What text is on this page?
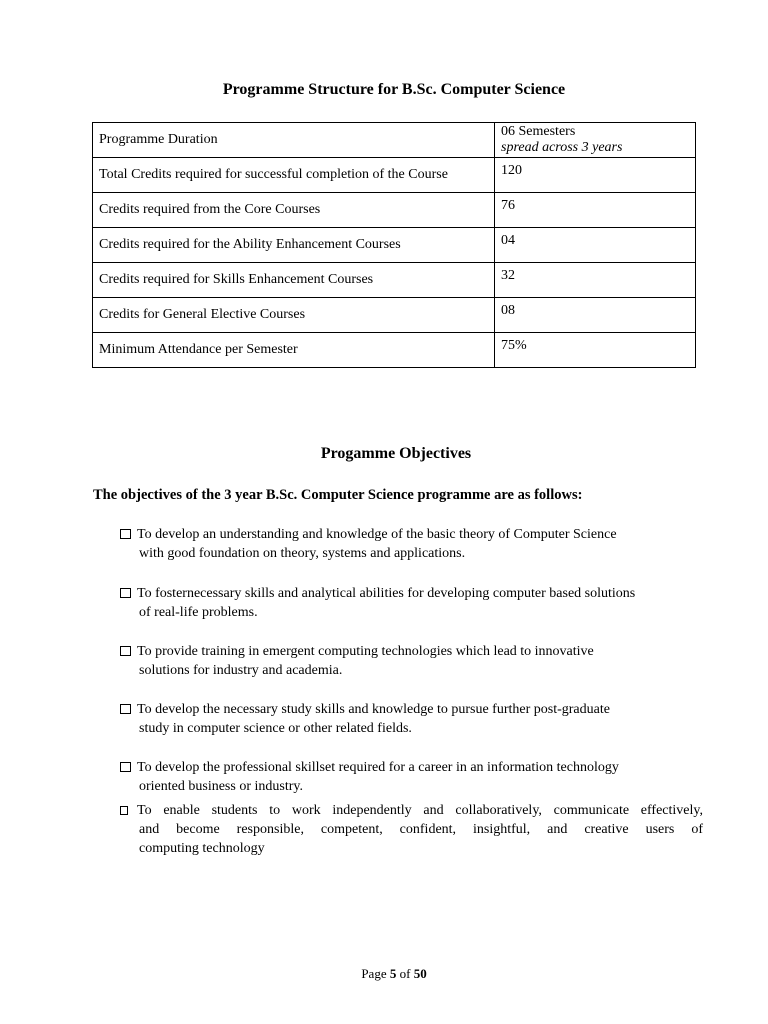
Programme Structure for B.Sc. Computer Science
Programme Duration	06 Semesters
spread across 3 years

Total Credits required for successful completion of the Course	120
Credits required from the Core Courses	76
Credits required for the Ability Enhancement Courses	04
Credits required for Skills Enhancement Courses	32
Credits for General Elective Courses	08
Minimum Attendance per Semester	75%
Progamme Objectives
The objectives of the 3 year B.Sc. Computer Science programme are as follows:
To develop an understanding and knowledge of the basic theory of Computer Science
with good foundation on theory, systems and applications.
To fosternecessary skills and analytical abilities for developing computer based solutions
of real-life problems.
To provide training in emergent computing technologies which lead to innovative
solutions for industry and academia.
To develop the necessary study skills and knowledge to pursue further post-graduate
study in computer science or other related fields.
To develop the professional skillset required for a career in an information technology
oriented business or industry.
To enable students to work independently and collaboratively, communicate effectively,
and become responsible, competent, confident, insightful, and creative users of
computing technology
Page 5 of 50
